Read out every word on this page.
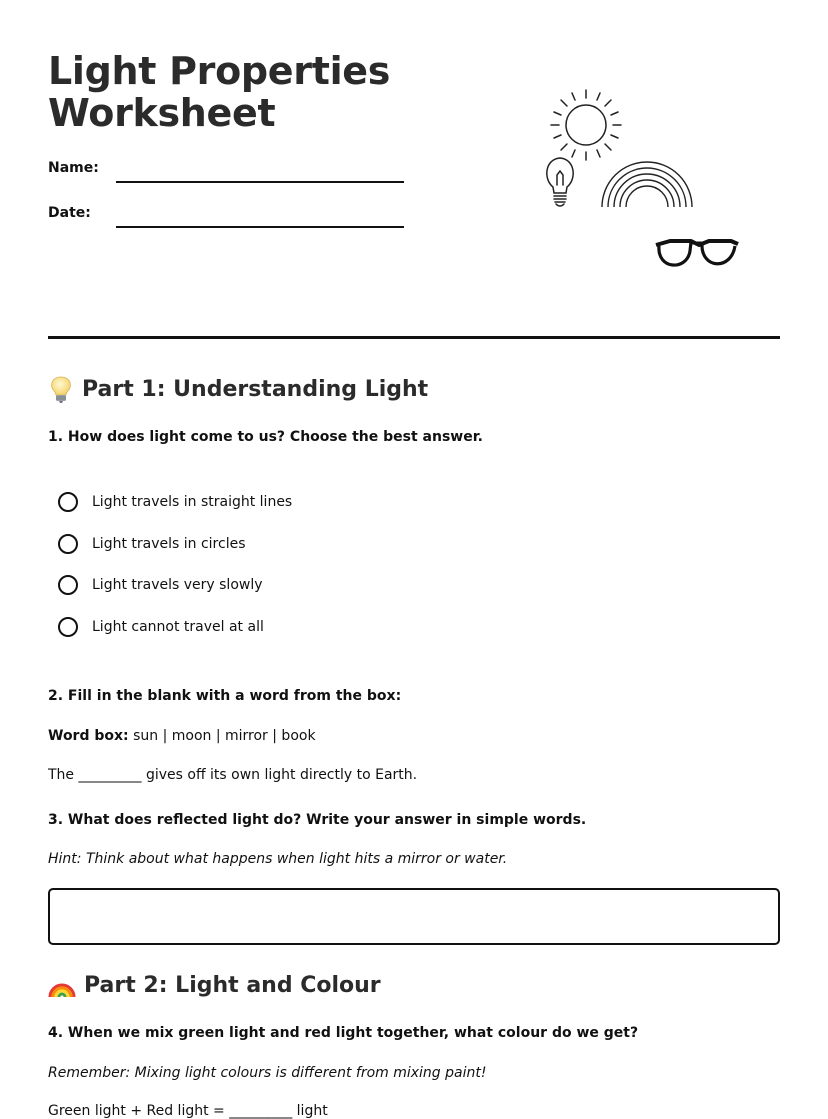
Light Properties
Worksheet
Name:
Date:
Part 1: Understanding Light

1. How does light come to us? Choose the best answer.

Light travels in straight lines
Light travels in circles
Light travels very slowly
Light cannot travel at all

2. Fill in the blank with a word from the box:

Word box: sun | moon | mirror | book

The _________ gives off its own light directly to Earth.

3. What does reflected light do? Write your answer in simple words.

Hint: Think about what happens when light hits a mirror or water.

Part 2: Light and Colour

4. When we mix green light and red light together, what colour do we get?

Remember: Mixing light colours is different from mixing paint!

Green light + Red light = _________ light
